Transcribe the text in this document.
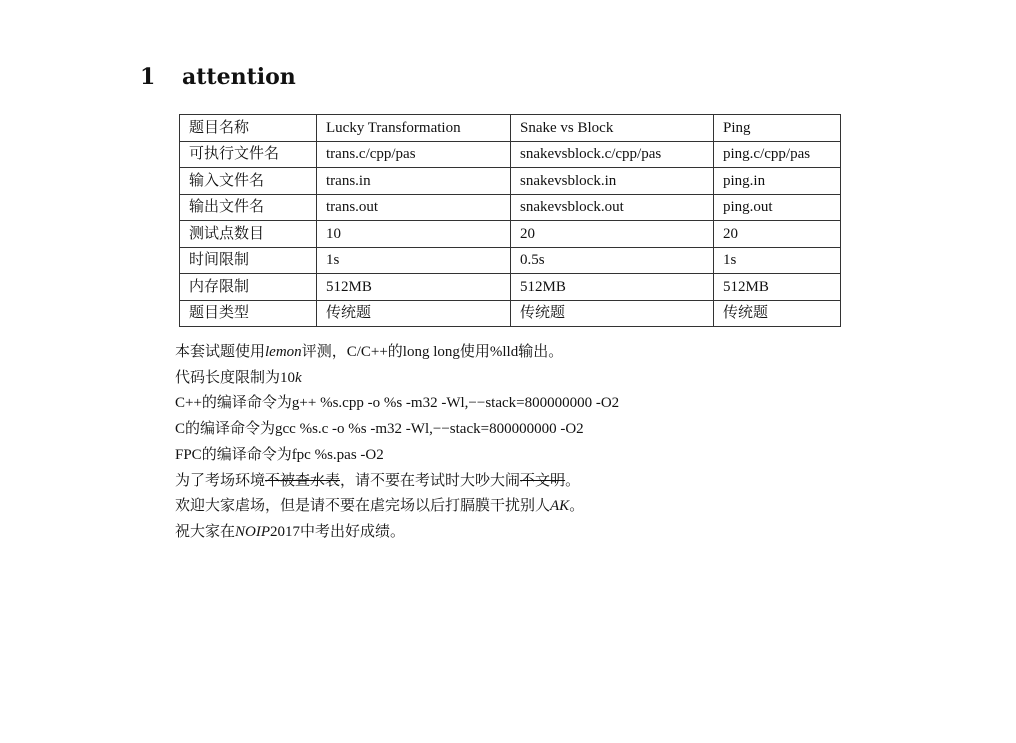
1 attention
题目名称	Lucky Transformation	Snake vs Block	Ping
可执行文件名	trans.c/cpp/pas	snakevsblock.c/cpp/pas	ping.c/cpp/pas
输入文件名	trans.in	snakevsblock.in	ping.in
输出文件名	trans.out	snakevsblock.out	ping.out
测试点数目	10	20	20
时间限制	1s	0.5s	1s
内存限制	512MB	512MB	512MB
题目类型	传统题	传统题	传统题

本套试题使用lemon评测，C/C++的long long使用%lld输出。

代码长度限制为10k

C++的编译命令为g++ %s.cpp -o %s -m32 -Wl,−−stack=800000000 -O2

C的编译命令为gcc %s.c -o %s -m32 -Wl,−−stack=800000000 -O2

FPC的编译命令为fpc %s.pas -O2

为了考场环境不被查水表，请不要在考试时大吵大闹不文明。

欢迎大家虐场，但是请不要在虐完场以后打膈膜干扰别人AK。

祝大家在NOIP2017中考出好成绩。
